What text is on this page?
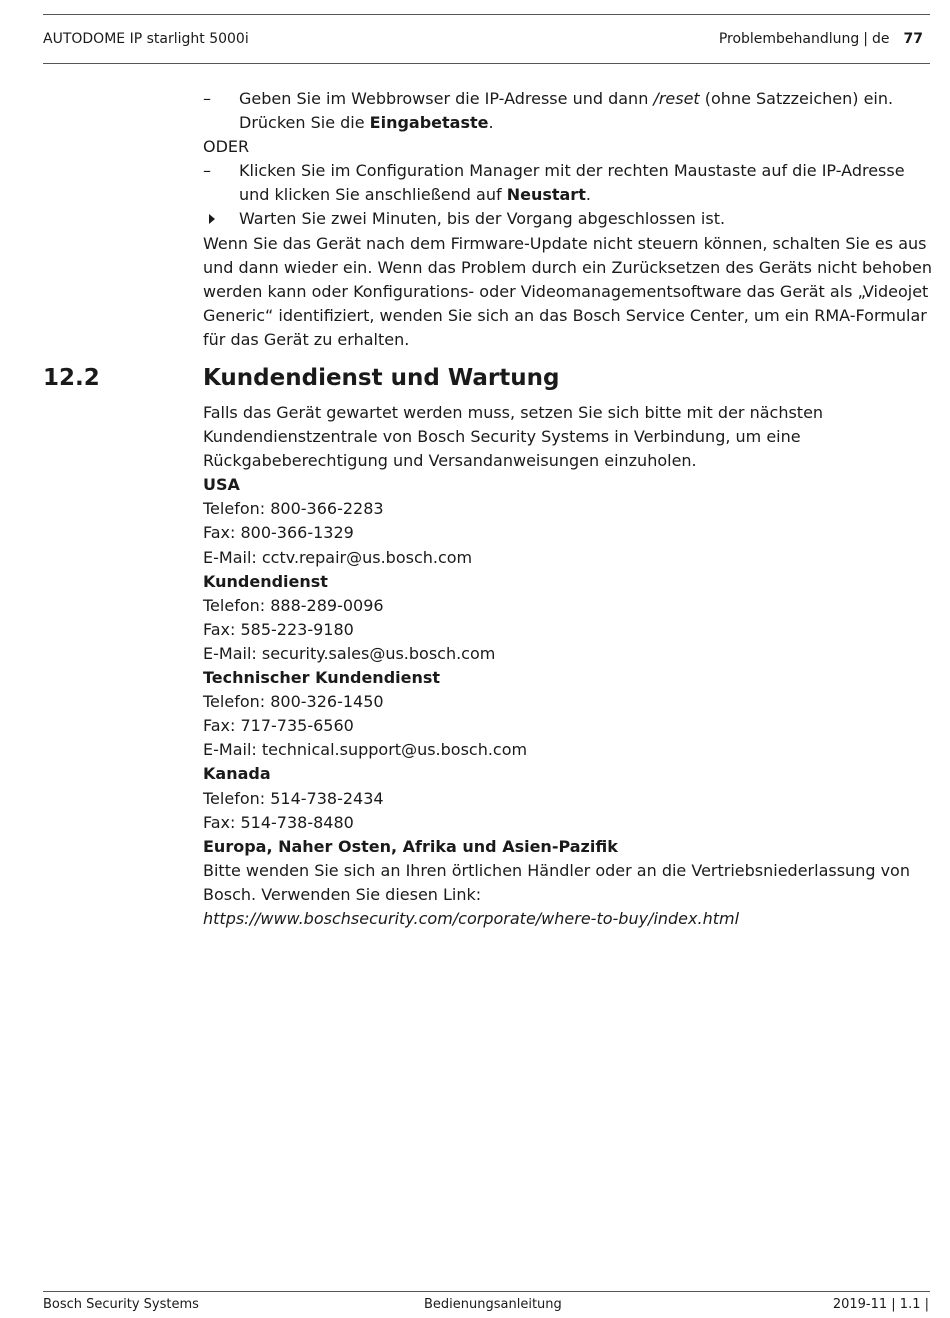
AUTODOME IP starlight 5000i	Problembehandlung | de 77
–	Geben Sie im Webbrowser die IP-Adresse und dann /reset (ohne Satzzeichen) ein. Drücken Sie die Eingabetaste.

ODER

–	Klicken Sie im Configuration Manager mit der rechten Maustaste auf die IP-Adresse und klicken Sie anschließend auf Neustart.
Warten Sie zwei Minuten, bis der Vorgang abgeschlossen ist.

Wenn Sie das Gerät nach dem Firmware-Update nicht steuern können, schalten Sie es aus und dann wieder ein. Wenn das Problem durch ein Zurücksetzen des Geräts nicht behoben werden kann oder Konfigurations- oder Videomanagementsoftware das Gerät als „Videojet Generic“ identifiziert, wenden Sie sich an das Bosch Service Center, um ein RMA-Formular für das Gerät zu erhalten.

12.2	Kundendienst und Wartung

Falls das Gerät gewartet werden muss, setzen Sie sich bitte mit der nächsten Kundendienstzentrale von Bosch Security Systems in Verbindung, um eine Rückgabeberechtigung und Versandanweisungen einzuholen.

USA

Telefon: 800-366-2283

Fax: 800-366-1329

E-Mail: cctv.repair@us.bosch.com

Kundendienst

Telefon: 888-289-0096

Fax: 585-223-9180

E-Mail: security.sales@us.bosch.com

Technischer Kundendienst

Telefon: 800-326-1450

Fax: 717-735-6560

E-Mail: technical.support@us.bosch.com

Kanada

Telefon: 514-738-2434

Fax: 514-738-8480

Europa, Naher Osten, Afrika und Asien-Pazifik

Bitte wenden Sie sich an Ihren örtlichen Händler oder an die Vertriebsniederlassung von Bosch. Verwenden Sie diesen Link:

https://www.boschsecurity.com/corporate/where-to-buy/index.html

Bosch Security Systems	Bedienungsanleitung	2019-11 | 1.1 |
